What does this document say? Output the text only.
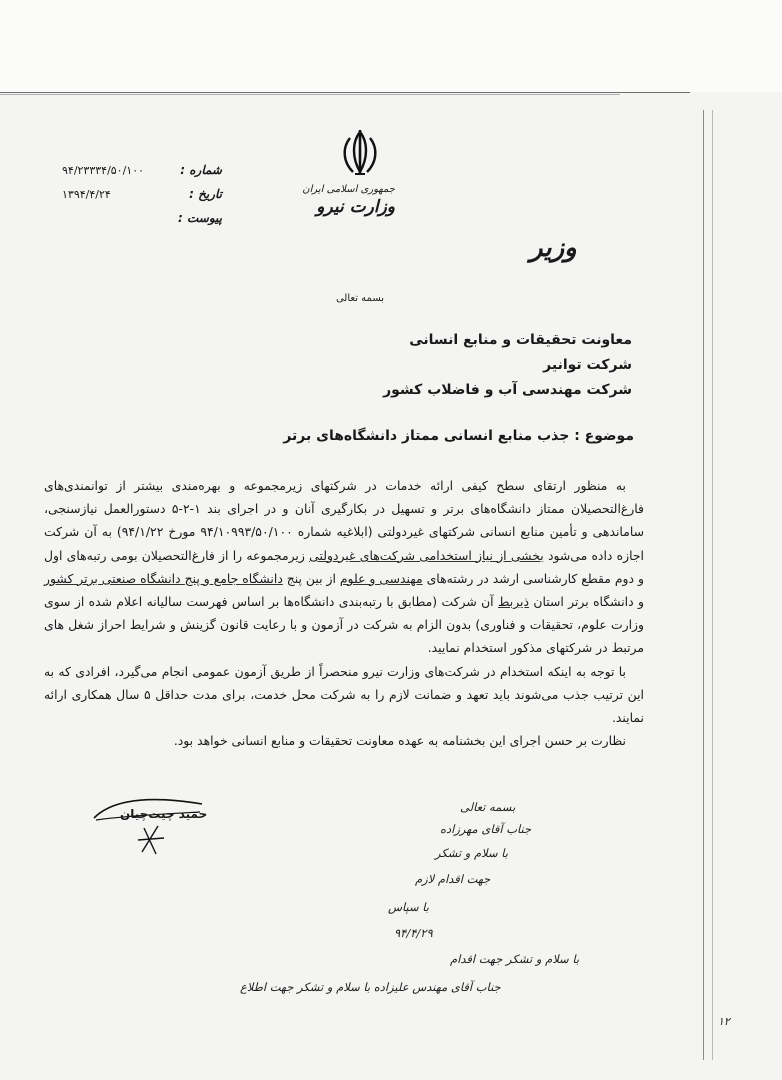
جمهوری اسلامی ایران
وزارت نیرو
شماره :
۹۴/۲۳۳۳۴/۵۰/۱۰۰
تاریخ :
۱۳۹۴/۴/۲۴
پیوست :
وزیر
بسمه تعالی
معاونت تحقیقات و منابع انسانی
شرکت توانیر
شرکت مهندسی آب و فاضلاب کشور
موضوع : جذب منابع انسانی ممتاز دانشگاه‌های برتر

به منظور ارتقای سطح کیفی ارائه خدمات در شرکتهای زیرمجموعه و بهره‌مندی بیشتر از توانمندی‌های فارغ‌التحصیلان ممتاز دانشگاه‌های برتر و تسهیل در بکارگیری آنان و در اجرای بند ۱-۲-۵ دستورالعمل نیازسنجی، ساماندهی و تأمین منابع انسانی شرکتهای غیردولتی (ابلاغیه شماره ۹۴/۱۰۹۹۳/۵۰/۱۰۰ مورخ ۹۴/۱/۲۲) به آن شرکت اجازه داده می‌شود بخشی از نیاز استخدامی شرکت‌های غیردولتی زیرمجموعه را از فارغ‌التحصیلان بومی رتبه‌های اول و دوم مقطع کارشناسی ارشد در رشته‌های مهندسی و علوم از بین پنج دانشگاه جامع و پنج دانشگاه صنعتی برتر کشور و دانشگاه برتر استان ذیربط آن شرکت (مطابق با رتبه‌بندی دانشگاه‌ها بر اساس فهرست سالیانه اعلام شده از سوی وزارت علوم، تحقیقات و فناوری) بدون الزام به شرکت در آزمون و با رعایت قانون گزینش و شرایط احراز شغل های مرتبط در شرکتهای مذکور استخدام نمایید.

با توجه به اینکه استخدام در شرکت‌های وزارت نیرو منحصراً از طریق آزمون عمومی انجام می‌گیرد، افرادی که به این ترتیب جذب می‌شوند باید تعهد و ضمانت لازم را به شرکت محل خدمت، برای مدت حداقل ۵ سال همکاری ارائه نمایند.

نظارت بر حسن اجرای این بخشنامه به عهده معاونت تحقیقات و منابع انسانی خواهد بود.

حمید چیت‌چیان	بسمه تعالی
جناب آقای مهرزاده
با سلام و تشکر
جهت اقدام لازم
با سپاس
۹۴/۴/۲۹
با سلام و تشکر جهت اقدام
جناب آقای مهندس علیزاده با سلام و تشکر جهت اطلاع
۱۲
